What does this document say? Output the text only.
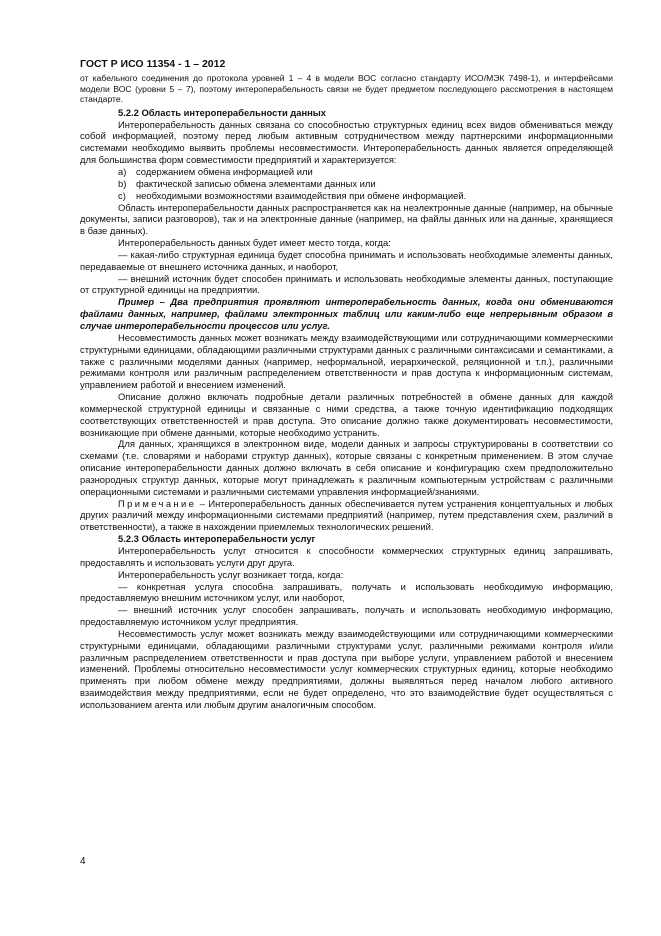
ГОСТ Р ИСО 11354 - 1 – 2012
от кабельного соединения до протокола уровней 1 – 4 в модели ВОС согласно стандарту ИСО/МЭК 7498-1), и интерфейсами модели ВОС (уровни 5 – 7), поэтому интероперабельность связи не будет предметом последующего рассмотрения в настоящем стандарте.
5.2.2 Область интероперабельности данных
Интероперабельность данных связана со способностью структурных единиц всех видов обмениваться между собой информацией, поэтому перед любым активным сотрудничеством между партнерскими информационными системами необходимо выявить проблемы несовместимости. Интероперабельность данных является определяющей для большинства форм совместимости предприятий и характеризуется:
a) содержанием обмена информацией или
b) фактической записью обмена элементами данных или
c) необходимыми возможностями взаимодействия при обмене информацией.
Область интероперабельности данных распространяется как на неэлектронные данные (например, на обычные документы, записи разговоров), так и на электронные данные (например, на файлы данных или на данные, хранящиеся в базе данных).
Интероперабельность данных будет имеет место тогда, когда:
— какая-либо структурная единица будет способна принимать и использовать необходимые элементы данных, передаваемые от внешнего источника данных, и наоборот,
— внешний источник будет способен принимать и использовать необходимые элементы данных, поступающие от структурной единицы на предприятии.
Пример – Два предприятия проявляют интероперабельность данных, когда они обмениваются файлами данных, например, файлами электронных таблиц или каким-либо еще непрерывным образом в случае интероперабельности процессов или услуг.
Несовместимость данных может возникать между взаимодействующими или сотрудничающими коммерческими структурными единицами, обладающими различными структурами данных с различными синтаксисами и семантиками, а также с различными моделями данных (например, неформальной, иерархической, реляционной и т.п.), различными режимами контроля или различным распределением ответственности и прав доступа к информационным системам, управлением работой и внесением изменений.
Описание должно включать подробные детали различных потребностей в обмене данных для каждой коммерческой структурной единицы и связанные с ними средства, а также точную идентификацию подходящих соответствующих ответственностей и прав доступа. Это описание должно также документировать несовместимости, возникающие при обмене данными, которые необходимо устранить.
Для данных, хранящихся в электронном виде, модели данных и запросы структурированы в соответствии со схемами (т.е. словарями и наборами структур данных), которые связаны с конкретным применением. В этом случае описание интероперабельности данных должно включать в себя описание и конфигурацию схем предположительно разнородных структур данных, которые могут принадлежать к различным компьютерным устройствам с различными операционными системами и различными системами управления информацией/знаниями.
Примечание – Интероперабельность данных обеспечивается путем устранения концептуальных и любых других различий между информационными системами предприятий (например, путем представления схем, различий в ответственности), а также в нахождении приемлемых технологических решений.
5.2.3 Область интероперабельности услуг
Интероперабельность услуг относится к способности коммерческих структурных единиц запрашивать, предоставлять и использовать услуги друг друга.
Интероперабельность услуг возникает тогда, когда:
— конкретная услуга способна запрашивать, получать и использовать необходимую информацию, предоставляемую внешним источником услуг, или наоборот,
— внешний источник услуг способен запрашивать, получать и использовать необходимую информацию, предоставляемую источником услуг предприятия.
Несовместимость услуг может возникать между взаимодействующими или сотрудничающими коммерческими структурными единицами, обладающими различными структурами услуг, различными режимами контроля и/или различным распределением ответственности и прав доступа при выборе услуги, управлением работой и внесением изменений. Проблемы относительно несовместимости услуг коммерческих структурных единиц, которые необходимо применять при любом обмене между предприятиями, должны выявляться перед началом любого активного взаимодействия между предприятиями, если не будет определено, что это взаимодействие будет осуществляться с использованием агента или любым другим аналогичным способом.
4
